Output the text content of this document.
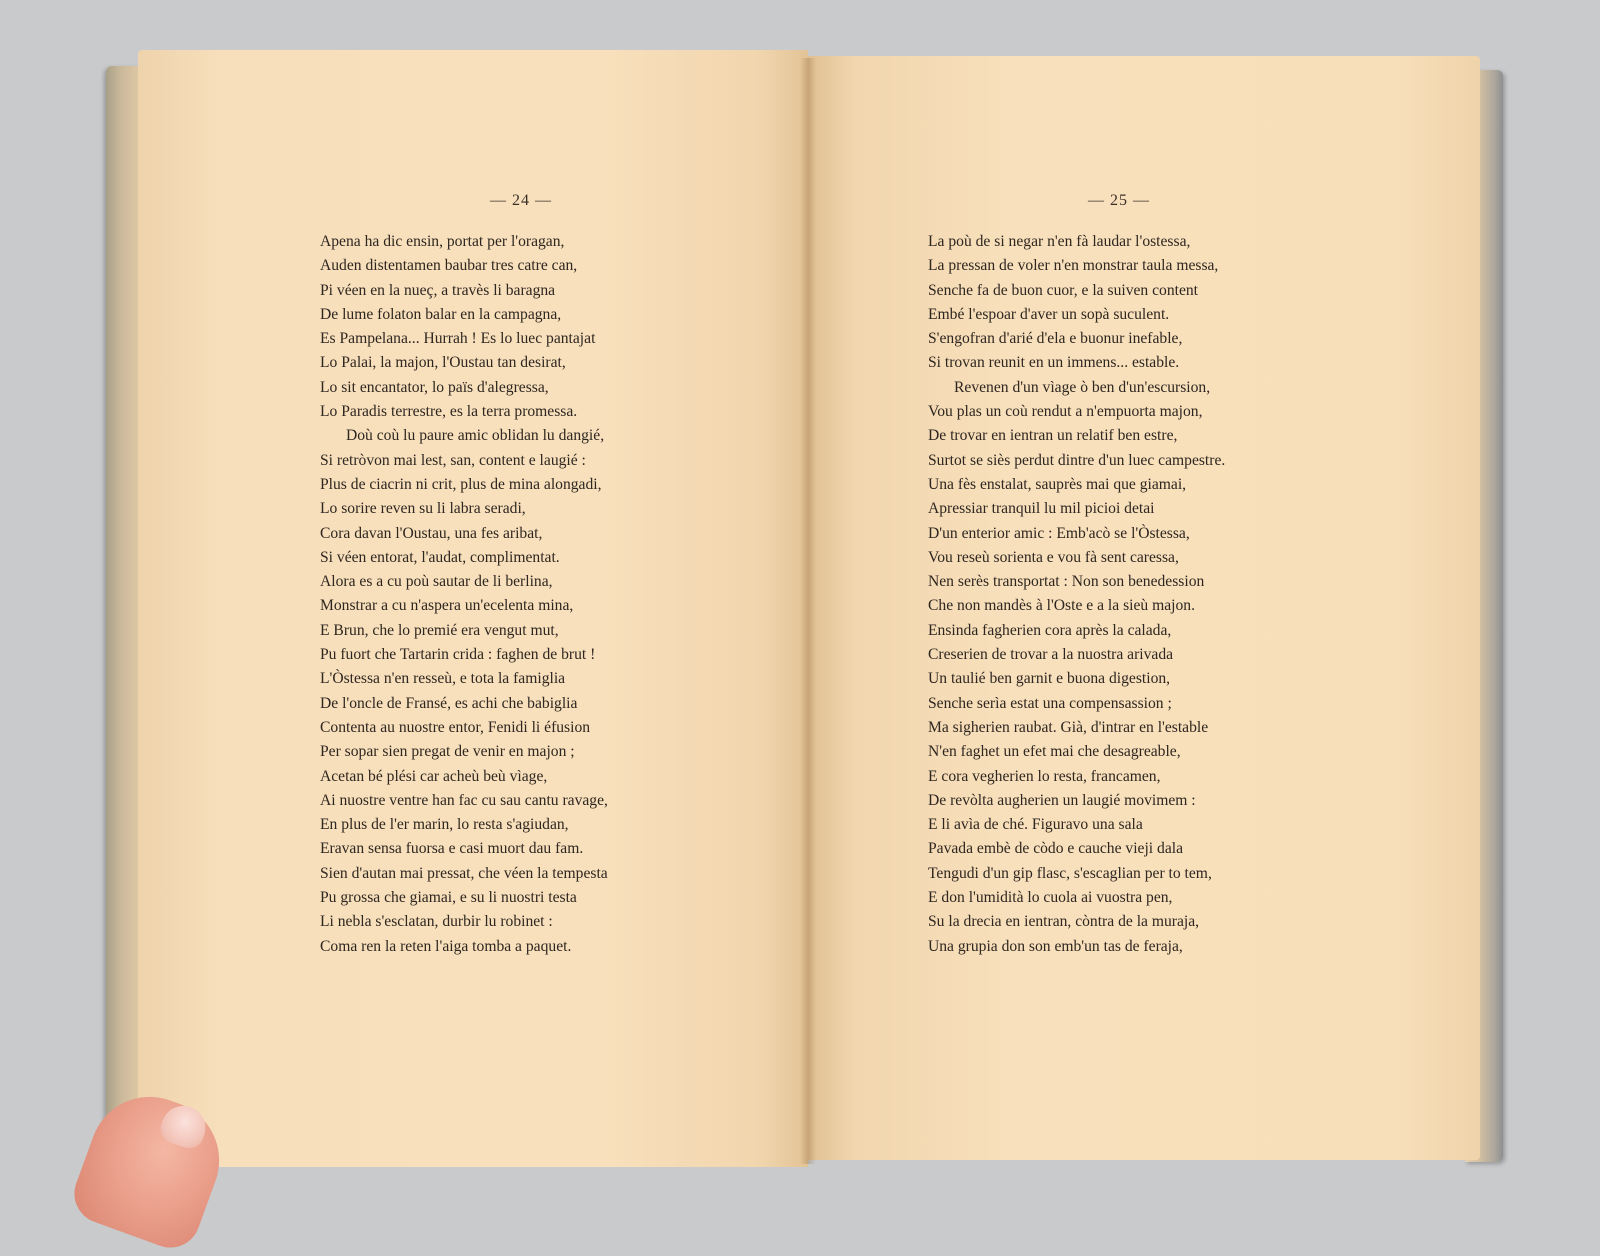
— 24 —	— 25 —
Apena ha dic ensin, portat per l'oragan,
Auden distentamen baubar tres catre can,
Pi véen en la nueç, a travès li baragna
De lume folaton balar en la campagna,
Es Pampelana... Hurrah ! Es lo luec pantajat
Lo Palai, la majon, l'Oustau tan desirat,
Lo sit encantator, lo païs d'alegressa,
Lo Paradis terrestre, es la terra promessa.
Doù coù lu paure amic oblidan lu dangié,
Si retròvon mai lest, san, content e laugié :
Plus de ciacrin ni crit, plus de mina alongadi,
Lo sorire reven su li labra seradi,
Cora davan l'Oustau, una fes aribat,
Si véen entorat, l'audat, complimentat.
Alora es a cu poù sautar de li berlina,
Monstrar a cu n'aspera un'ecelenta mina,
E Brun, che lo premié era vengut mut,
Pu fuort che Tartarin crida : faghen de brut !
L'Òstessa n'en resseù, e tota la famiglia
De l'oncle de Fransé, es achi che babiglia
Contenta au nuostre entor, Fenidi li éfusion
Per sopar sien pregat de venir en majon ;
Acetan bé plési car acheù beù vìage,
Ai nuostre ventre han fac cu sau cantu ravage,
En plus de l'er marin, lo resta s'agiudan,
Eravan sensa fuorsa e casi muort dau fam.
Sien d'autan mai pressat, che véen la tempesta
Pu grossa che giamai, e su li nuostri testa
Li nebla s'esclatan, durbir lu robinet :
Coma ren la reten l'aiga tomba a paquet.
La poù de si negar n'en fà laudar l'ostessa,
La pressan de voler n'en monstrar taula messa,
Senche fa de buon cuor, e la suiven content
Embé l'espoar d'aver un sopà suculent.
S'engofran d'arié d'ela e buonur inefable,
Si trovan reunit en un immens... estable.
Revenen d'un vìage ò ben d'un'escursion,
Vou plas un coù rendut a n'empuorta majon,
De trovar en ientran un relatif ben estre,
Surtot se siès perdut dintre d'un luec campestre.
Una fès enstalat, sauprès mai que giamai,
Apressiar tranquil lu mil picioi detai
D'un enterior amic : Emb'acò se l'Òstessa,
Vou reseù sorienta e vou fà sent caressa,
Nen serès transportat : Non son benedession
Che non mandès à l'Oste e a la sieù majon.
Ensinda fagherien cora après la calada,
Creserien de trovar a la nuostra arivada
Un taulié ben garnit e buona digestion,
Senche serìa estat una compensassion ;
Ma sigherien raubat. Già, d'intrar en l'estable
N'en faghet un efet mai che desagreable,
E cora vegherien lo resta, francamen,
De revòlta augherien un laugié movimem :
E li avìa de ché. Figuravo una sala
Pavada embè de còdo e cauche vieji dala
Tengudi d'un gip flasc, s'escaglian per to tem,
E don l'umidità lo cuola ai vuostra pen,
Su la drecia en ientran, còntra de la muraja,
Una grupia don son emb'un tas de feraja,
